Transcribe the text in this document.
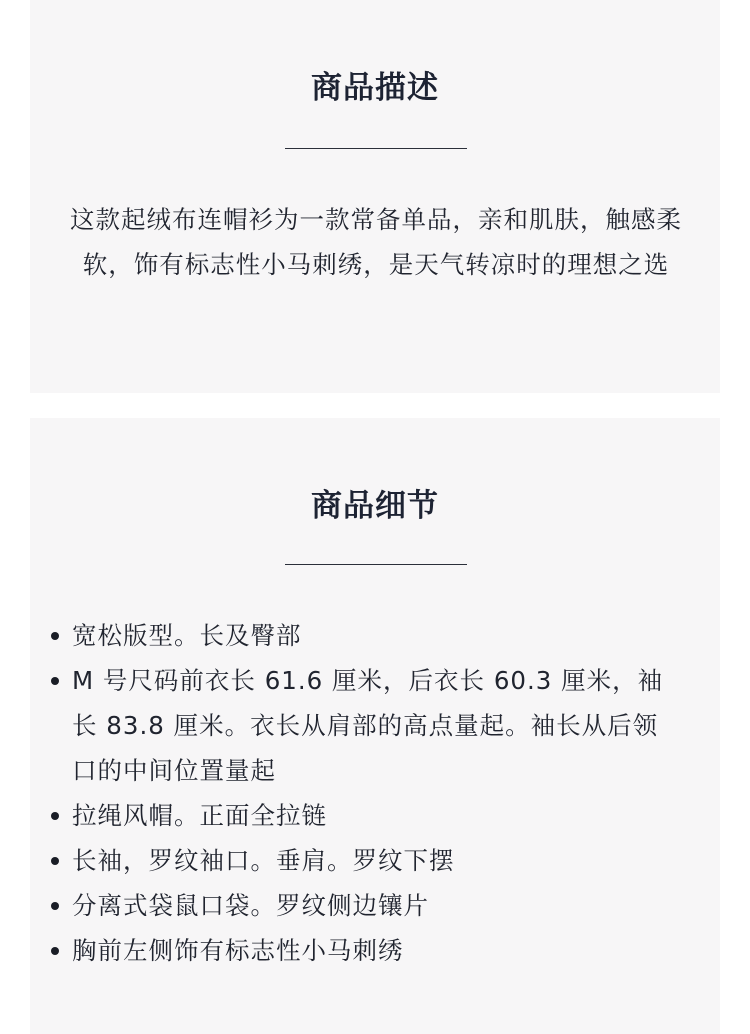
商品描述

这款起绒布连帽衫为一款常备单品，亲和肌肤，触感柔软，饰有标志性小马刺绣，是天气转凉时的理想之选

商品细节
宽松版型。长及臀部
M 号尺码前衣长 61.6 厘米，后衣长 60.3 厘米，袖长 83.8 厘米。衣长从肩部的高点量起。袖长从后领口的中间位置量起
拉绳风帽。正面全拉链
长袖，罗纹袖口。垂肩。罗纹下摆
分离式袋鼠口袋。罗纹侧边镶片
胸前左侧饰有标志性小马刺绣
